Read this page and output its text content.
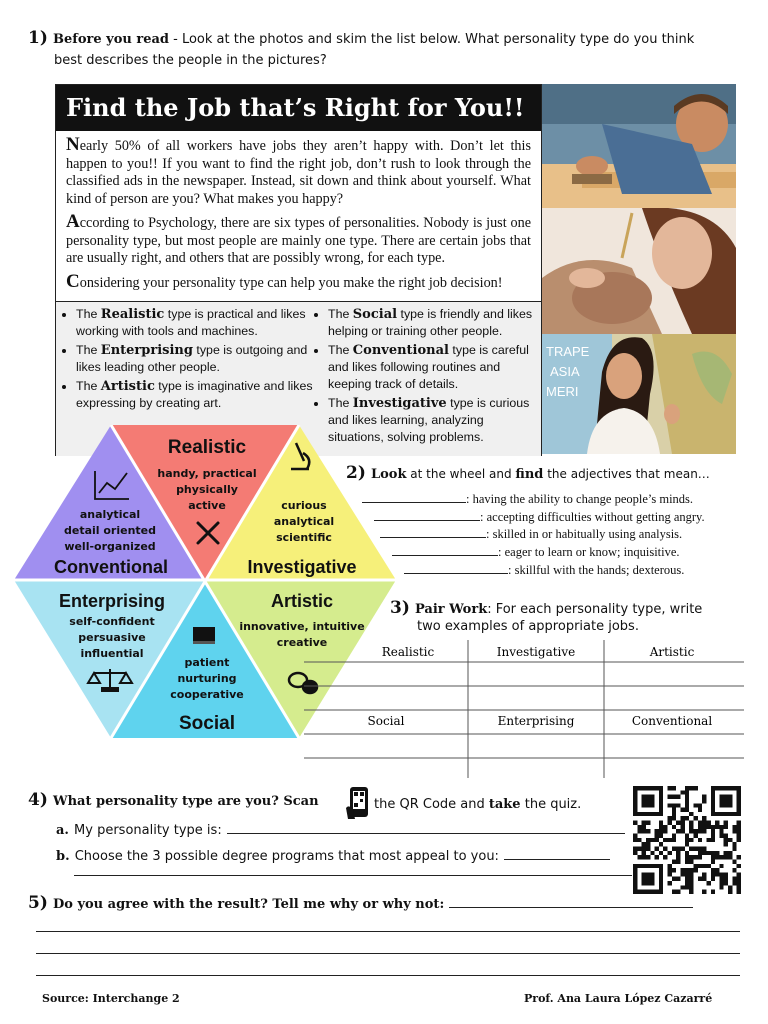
1) Before you read - Look at the photos and skim the list below. What personality type do you think
best describes the people in the pictures?
Find the Job that’s Right for You!!

Nearly 50% of all workers have jobs they aren’t happy with. Don’t let this happen to you!! If you want to find the right job, don’t rush to look through the classified ads in the newspaper. Instead, sit down and think about yourself. What kind of person are you? What makes you happy?

According to Psychology, there are six types of personalities. Nobody is just one personality type, but most people are mainly one type. There are certain jobs that are usually right, and others that are possibly wrong, for each type.

Considering your personality type can help you make the right job decision!

• The Realistic type is practical and likes working with tools and machines.
• The Enterprising type is outgoing and likes leading other people.
• The Artistic type is imaginative and likes expressing by creating art.
• The Social type is friendly and likes helping or training other people.
• The Conventional type is careful and likes following routines and keeping track of details.
• The Investigative type is curious and likes learning, analyzing situations, solving problems.
TRAPE
ASIA
MERI
Realistic
handy, practical
physically
active	curious
analytical
scientific
Investigative
Artistic
innovative, intuitive
creative
patient
nurturing
cooperative
Social
Enterprising
self-confident
persuasive
influential
analytical
detail oriented
well-organized
Conventional
2) Look at the wheel and find the adjectives that mean…
: having the ability to change people’s minds.
: accepting difficulties without getting angry.
: skilled in or habitually using analysis.
: eager to learn or know; inquisitive.
: skillful with the hands; dexterous.
3) Pair Work: For each personality type, write
two examples of appropriate jobs.
Realistic	Investigative	Artistic
Social	Enterprising	Conventional
4) What personality type are you? Scan	the QR Code and take the quiz.
a. My personality type is:
b. Choose the 3 possible degree programs that most appeal to you:
5) Do you agree with the result? Tell me why or why not:
Source: Interchange 2	Prof. Ana Laura López Cazarré
